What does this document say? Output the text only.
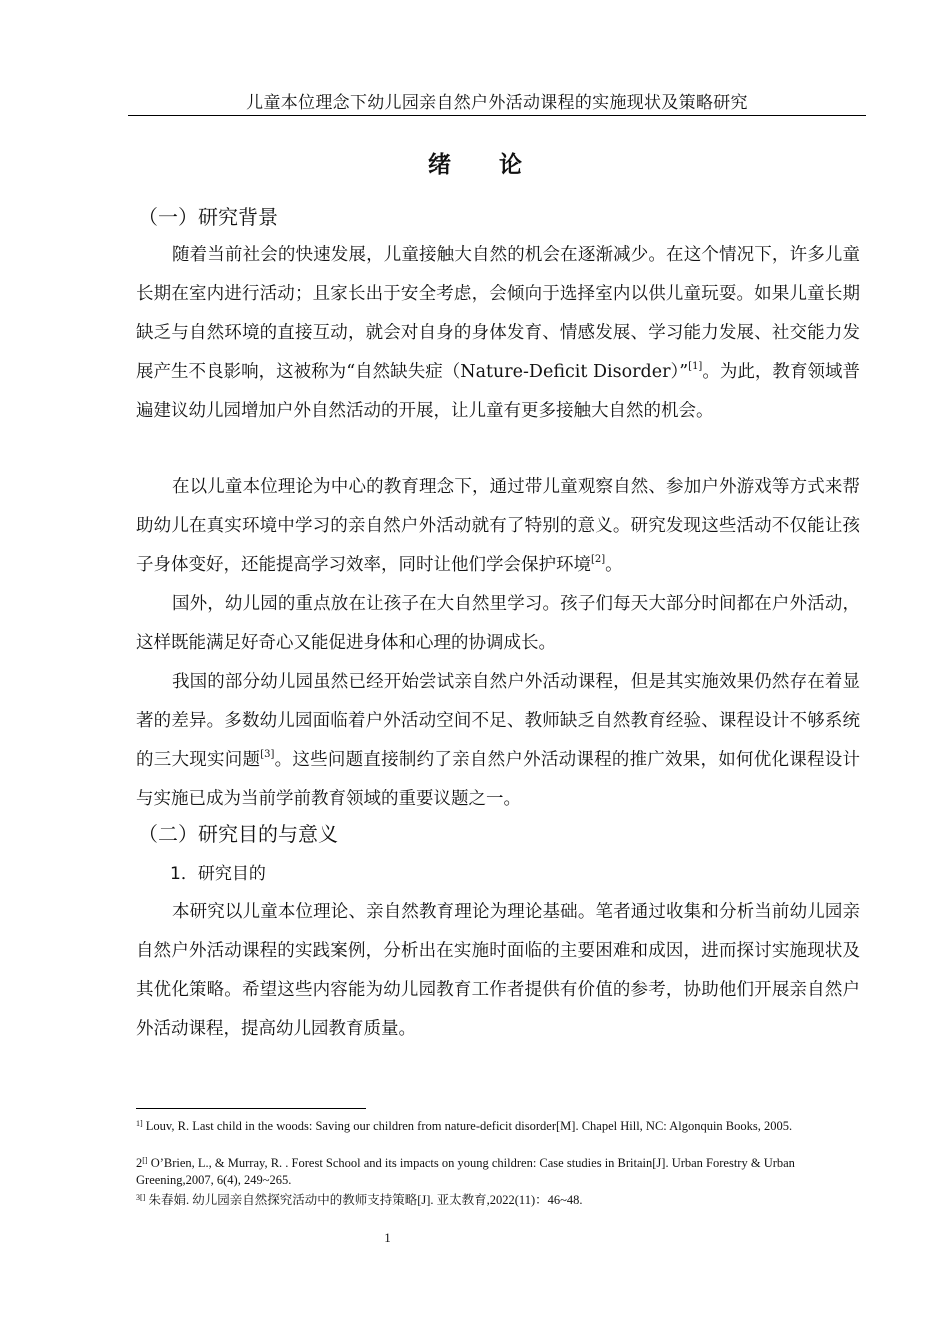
儿童本位理念下幼儿园亲自然户外活动课程的实施现状及策略研究
绪 论
（一）研究背景

随着当前社会的快速发展，儿童接触大自然的机会在逐渐减少。在这个情况下，许多儿童长期在室内进行活动；且家长出于安全考虑，会倾向于选择室内以供儿童玩耍。如果儿童长期缺乏与自然环境的直接互动，就会对自身的身体发育、情感发展、学习能力发展、社交能力发展产生不良影响，这被称为“自然缺失症（Nature-Deficit Disorder）”[1]。为此，教育领域普遍建议幼儿园增加户外自然活动的开展，让儿童有更多接触大自然的机会。

在以儿童本位理论为中心的教育理念下，通过带儿童观察自然、参加户外游戏等方式来帮助幼儿在真实环境中学习的亲自然户外活动就有了特别的意义。研究发现这些活动不仅能让孩子身体变好，还能提高学习效率，同时让他们学会保护环境[2]。

国外，幼儿园的重点放在让孩子在大自然里学习。孩子们每天大部分时间都在户外活动，这样既能满足好奇心又能促进身体和心理的协调成长。

我国的部分幼儿园虽然已经开始尝试亲自然户外活动课程，但是其实施效果仍然存在着显著的差异。多数幼儿园面临着户外活动空间不足、教师缺乏自然教育经验、课程设计不够系统的三大现实问题[3]。这些问题直接制约了亲自然户外活动课程的推广效果，如何优化课程设计与实施已成为当前学前教育领域的重要议题之一。

（二）研究目的与意义
1．研究目的

本研究以儿童本位理论、亲自然教育理论为理论基础。笔者通过收集和分析当前幼儿园亲自然户外活动课程的实践案例，分析出在实施时面临的主要困难和成因，进而探讨实施现状及其优化策略。希望这些内容能为幼儿园教育工作者提供有价值的参考，协助他们开展亲自然户外活动课程，提高幼儿园教育质量。

$^{1]}$ Louv, R. Last child in the woods: Saving our children from nature-deficit disorder[M]. Chapel Hill, NC: Algonquin Books, 2005.

2[] O’Brien, L., & Murray, R. . Forest School and its impacts on young children: Case studies in Britain[J]. Urban Forestry & Urban Greening,2007, 6(4), 249~265.

$^{3[]}$ 朱春娟. 幼儿园亲自然探究活动中的教师支持策略[J]. 亚太教育,2022(11)：46~48.

1
